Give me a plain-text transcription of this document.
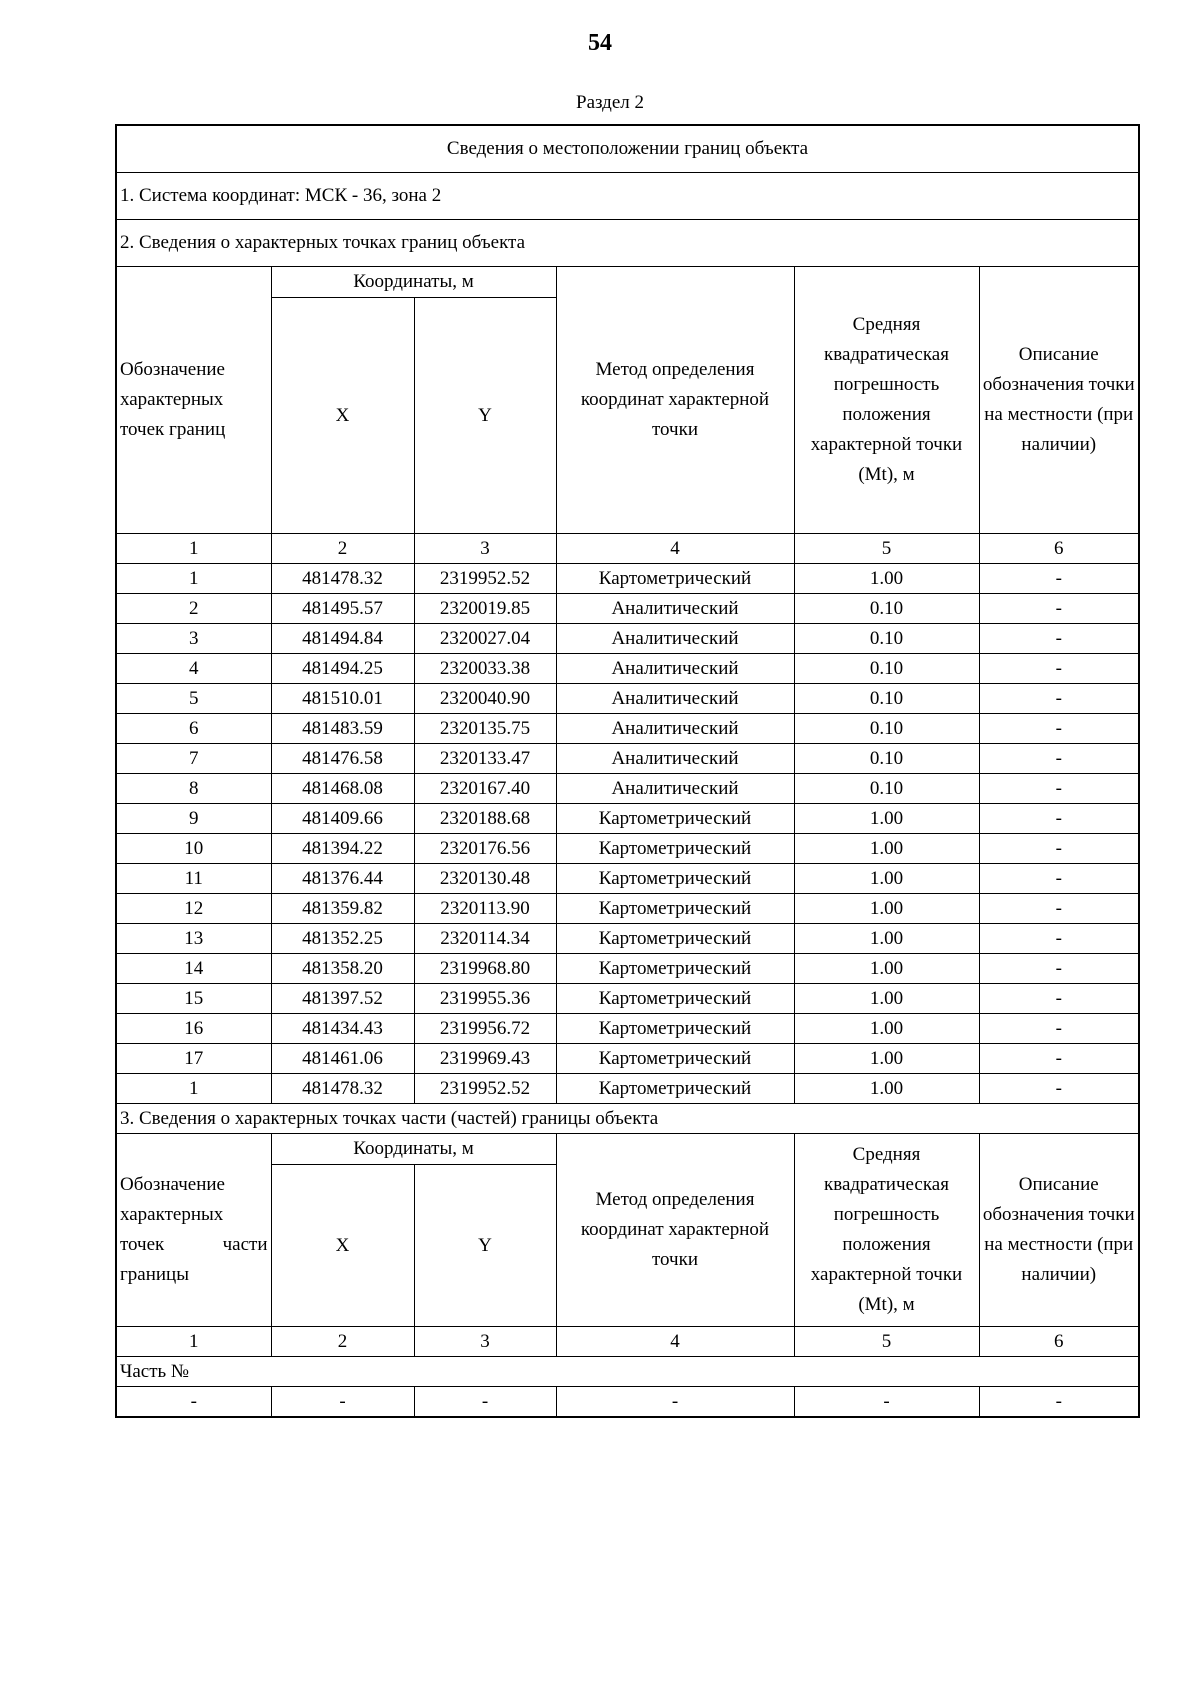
54
Раздел 2
Сведения о местоположении границ объекта					
1. Система координат: МСК - 36, зона 2					
2. Сведения о характерных точках границ объекта					
Обозначение характерных точек границ	Координаты, м		Метод определения координат характерной точки	Средняя квадратическая погрешность положения характерной точки (Mt), м	Описание обозначения точки на местности (при наличии)
	X	Y			
1	2	3	4	5	6
1	481478.32	2319952.52	Картометрический	1.00	-
2	481495.57	2320019.85	Аналитический	0.10	-
3	481494.84	2320027.04	Аналитический	0.10	-
4	481494.25	2320033.38	Аналитический	0.10	-
5	481510.01	2320040.90	Аналитический	0.10	-
6	481483.59	2320135.75	Аналитический	0.10	-
7	481476.58	2320133.47	Аналитический	0.10	-
8	481468.08	2320167.40	Аналитический	0.10	-
9	481409.66	2320188.68	Картометрический	1.00	-
10	481394.22	2320176.56	Картометрический	1.00	-
11	481376.44	2320130.48	Картометрический	1.00	-
12	481359.82	2320113.90	Картометрический	1.00	-
13	481352.25	2320114.34	Картометрический	1.00	-
14	481358.20	2319968.80	Картометрический	1.00	-
15	481397.52	2319955.36	Картометрический	1.00	-
16	481434.43	2319956.72	Картометрический	1.00	-
17	481461.06	2319969.43	Картометрический	1.00	-
1	481478.32	2319952.52	Картометрический	1.00	-
3. Сведения о характерных точках части (частей) границы объекта					
Обозначение характерных точек части границы	Координаты, м		Метод определения координат характерной точки	Средняя квадратическая погрешность положения характерной точки (Mt), м	Описание обозначения точки на местности (при наличии)
	X	Y			
1	2	3	4	5	6
Часть №					
-	-	-	-	-	-
